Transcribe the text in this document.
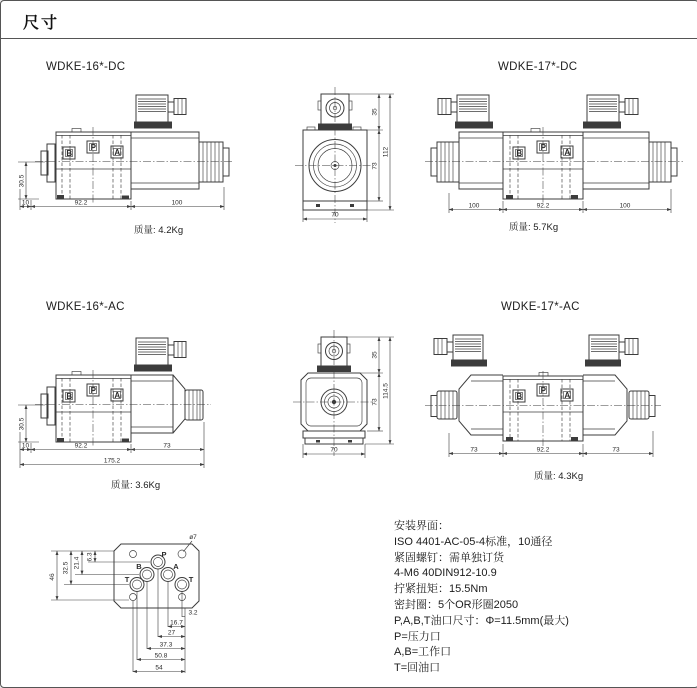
尺寸
WDKE-16*-DC	WDKE-17*-DC
WDKE-16*-AC	WDKE-17*-AC
质量: 4.2Kg	质量: 5.7Kg
质量: 3.6Kg
质量: 4.3Kg
安装界面：
ISO 4401-AC-05-4标准，10通径
紧固螺钉：需单独订货
4-M6 40DIN912-10.9
拧紧扭矩：15.5Nm
密封圈：5个OR形圈2050
P,A,B,T油口尺寸：Φ=11.5mm(最大)
P=压力口
A,B=工作口
T=回油口
B
P
A
10	92.2	100
30.5
35
73
112
70
B
P
A
100	92.2	100
B
P
A
10	92.2	73
175.2
30.5
35
73
114.5
70
B
P
A
73	92.2	73
P
B	A
T	T
ø7
46
32.5 21.4 6.3
3.2
16.7
27
37.3
50.8
54
